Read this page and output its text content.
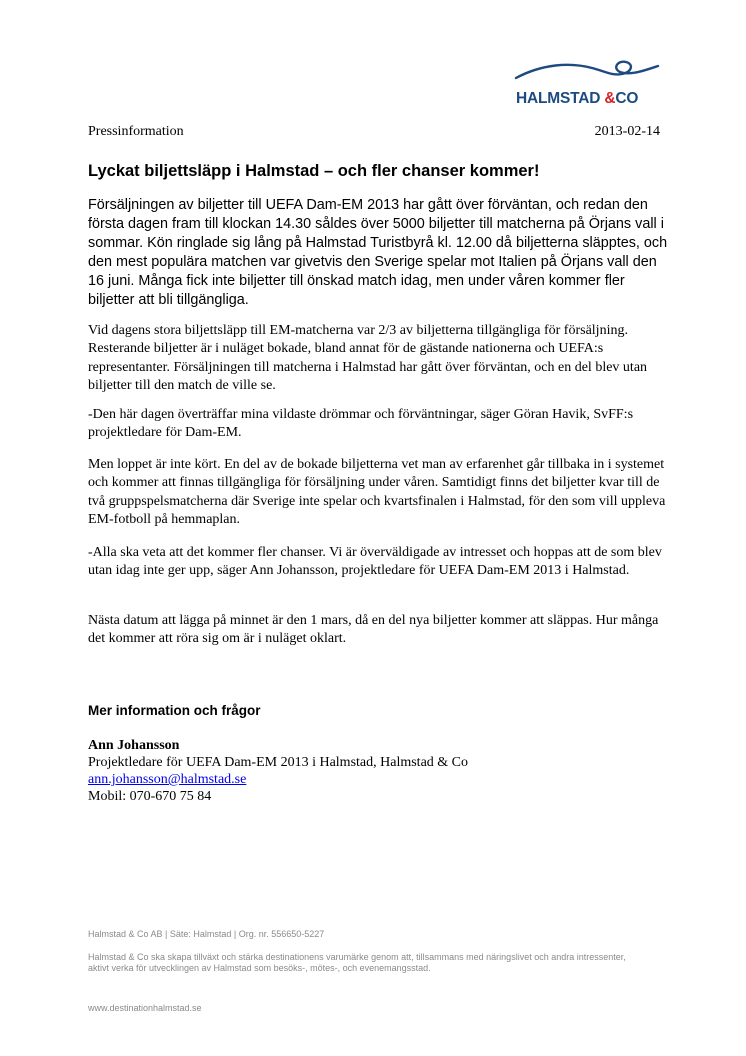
HALMSTAD &CO
Pressinformation	2013-02-14
Lyckat biljettsläpp i Halmstad – och fler chanser kommer!
Försäljningen av biljetter till UEFA Dam-EM 2013 har gått över förväntan, och redan den första dagen fram till klockan 14.30 såldes över 5000 biljetter till matcherna på Örjans vall i sommar. Kön ringlade sig lång på Halmstad Turistbyrå kl. 12.00 då biljetterna släpptes, och den mest populära matchen var givetvis den Sverige spelar mot Italien på Örjans vall den 16 juni. Många fick inte biljetter till önskad match idag, men under våren kommer fler biljetter att bli tillgängliga.
Vid dagens stora biljettsläpp till EM-matcherna var 2/3 av biljetterna tillgängliga för försäljning. Resterande biljetter är i nuläget bokade, bland annat för de gästande nationerna och UEFA:s representanter. Försäljningen till matcherna i Halmstad har gått över förväntan, och en del blev utan biljetter till den match de ville se.
-Den här dagen överträffar mina vildaste drömmar och förväntningar, säger Göran Havik, SvFF:s projektledare för Dam-EM.
Men loppet är inte kört. En del av de bokade biljetterna vet man av erfarenhet går tillbaka in i systemet och kommer att finnas tillgängliga för försäljning under våren. Samtidigt finns det biljetter kvar till de två gruppspelsmatcherna där Sverige inte spelar och kvartsfinalen i Halmstad, för den som vill uppleva EM-fotboll på hemmaplan.
-Alla ska veta att det kommer fler chanser. Vi är överväldigade av intresset och hoppas att de som blev utan idag inte ger upp, säger Ann Johansson, projektledare för UEFA Dam-EM 2013 i Halmstad.
Nästa datum att lägga på minnet är den 1 mars, då en del nya biljetter kommer att släppas. Hur många det kommer att röra sig om är i nuläget oklart.
Mer information och frågor
Ann Johansson
Projektledare för UEFA Dam-EM 2013 i Halmstad, Halmstad & Co
ann.johansson@halmstad.se
Mobil: 070-670 75 84
Halmstad & Co AB | Säte: Halmstad | Org. nr. 556650-5227
Halmstad & Co ska skapa tillväxt och stärka destinationens varumärke genom att, tillsammans med näringslivet och andra intressenter, aktivt verka för utvecklingen av Halmstad som besöks-, mötes-, och evenemangsstad.
www.destinationhalmstad.se
